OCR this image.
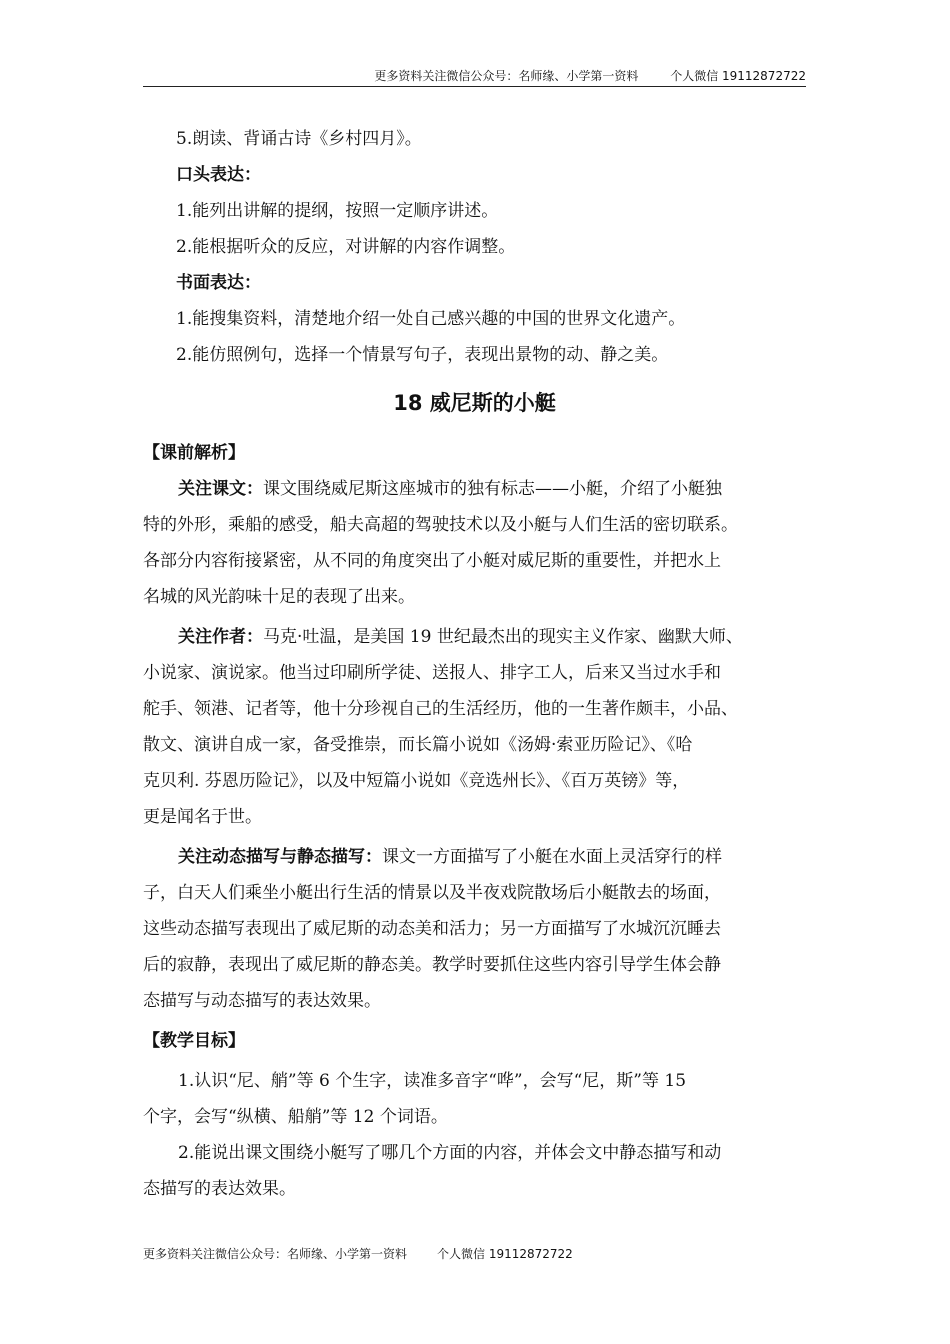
更多资料关注微信公众号：名师缘、小学第一资料	个人微信 19112872722
5.朗读、背诵古诗《乡村四月》。
口头表达：
1.能列出讲解的提纲，按照一定顺序讲述。
2.能根据听众的反应，对讲解的内容作调整。
书面表达：
1.能搜集资料，清楚地介绍一处自己感兴趣的中国的世界文化遗产。
2.能仿照例句，选择一个情景写句子，表现出景物的动、静之美。
18 威尼斯的小艇
【课前解析】
关注课文：课文围绕威尼斯这座城市的独有标志——小艇，介绍了小艇独
特的外形，乘船的感受，船夫高超的驾驶技术以及小艇与人们生活的密切联系。
各部分内容衔接紧密，从不同的角度突出了小艇对威尼斯的重要性，并把水上
名城的风光韵味十足的表现了出来。
关注作者：马克·吐温，是美国 19 世纪最杰出的现实主义作家、幽默大师、
小说家、演说家。他当过印刷所学徒、送报人、排字工人，后来又当过水手和
舵手、领港、记者等，他十分珍视自己的生活经历，他的一生著作颇丰，小品、
散文、演讲自成一家，备受推崇，而长篇小说如《汤姆·索亚历险记》、《哈
克贝利. 芬恩历险记》，以及中短篇小说如《竞选州长》、《百万英镑》等，
更是闻名于世。
关注动态描写与静态描写：课文一方面描写了小艇在水面上灵活穿行的样
子，白天人们乘坐小艇出行生活的情景以及半夜戏院散场后小艇散去的场面，
这些动态描写表现出了威尼斯的动态美和活力；另一方面描写了水城沉沉睡去
后的寂静，表现出了威尼斯的静态美。教学时要抓住这些内容引导学生体会静
态描写与动态描写的表达效果。
【教学目标】
1.认识“尼、艄”等 6 个生字，读准多音字“哗”，会写“尼，斯”等 15
个字，会写“纵横、船艄”等 12 个词语。
2.能说出课文围绕小艇写了哪几个方面的内容，并体会文中静态描写和动
态描写的表达效果。
更多资料关注微信公众号：名师缘、小学第一资料	个人微信 19112872722
